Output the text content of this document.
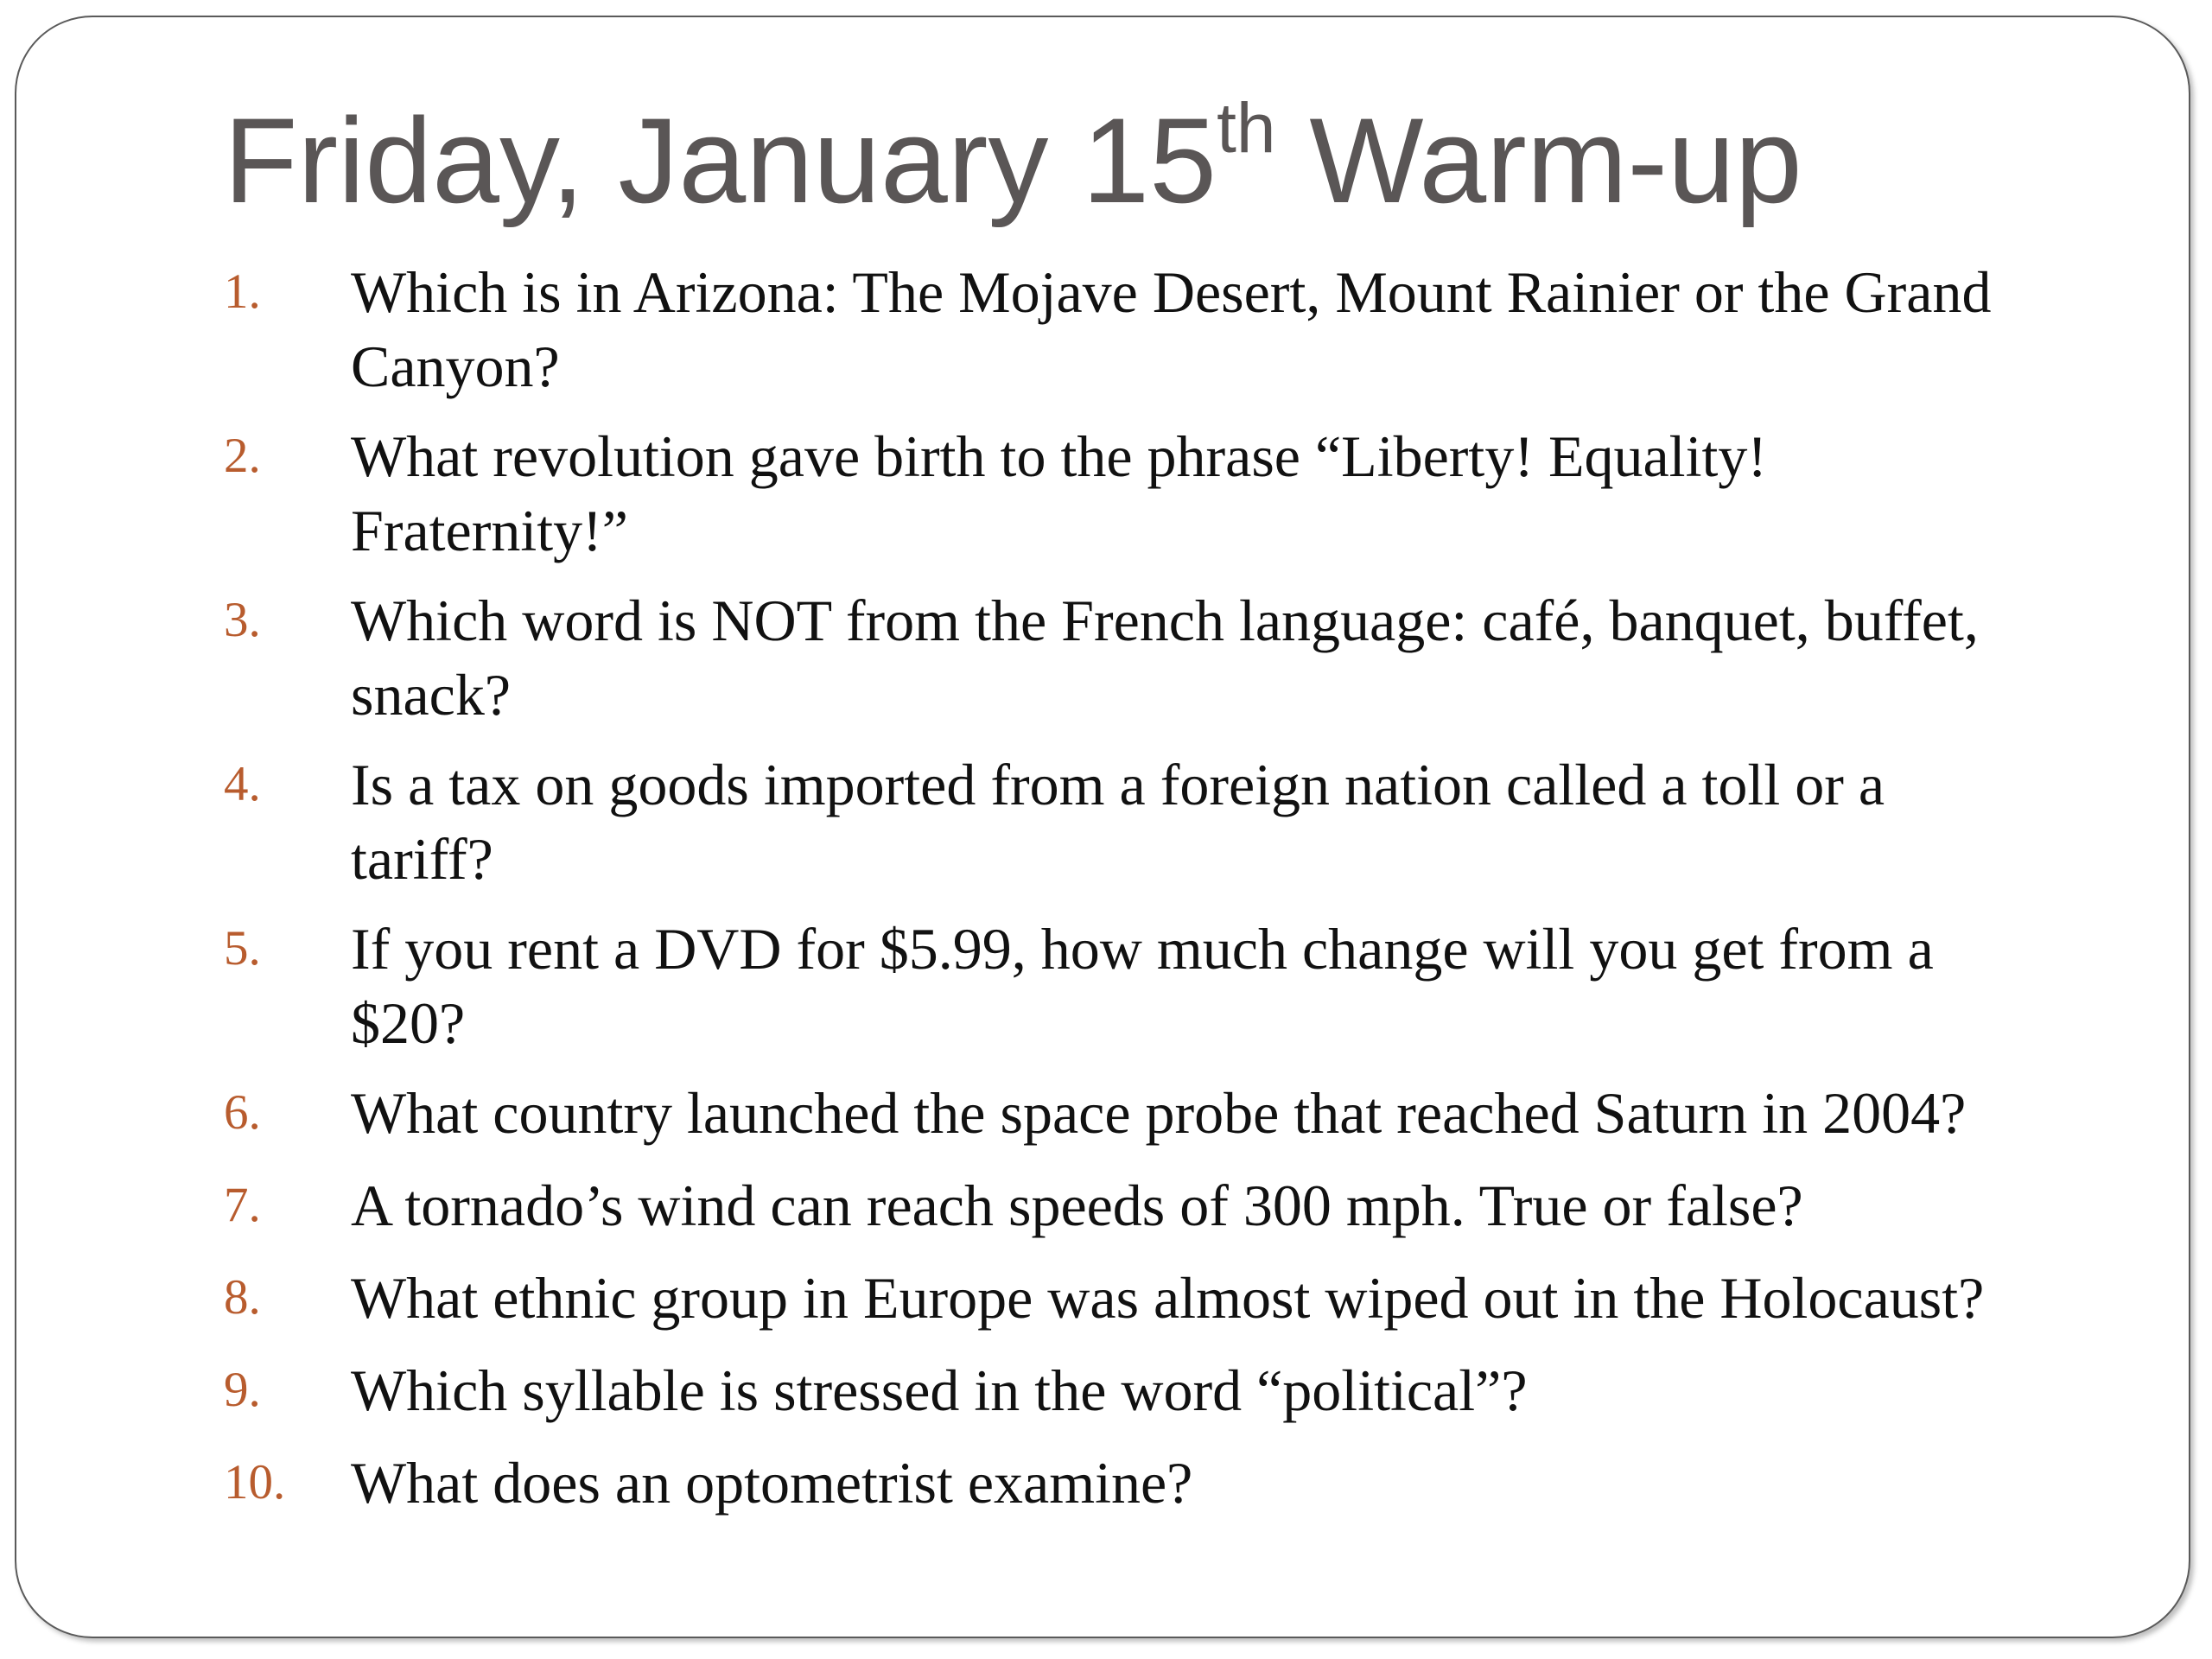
Friday, January 15th Warm-up
1.	Which is in Arizona: The Mojave Desert, Mount Rainier or the Grand
Canyon?
2.	What revolution gave birth to the phrase “Liberty! Equality!
Fraternity!”
3.	Which word is NOT from the French language: café, banquet, buffet,
snack?
4.	Is a tax on goods imported from a foreign nation called a toll or a
tariff?
5.	If you rent a DVD for $5.99, how much change will you get from a
$20?
6.	What country launched the space probe that reached Saturn in 2004?
7.	A tornado’s wind can reach speeds of 300 mph. True or false?
8.	What ethnic group in Europe was almost wiped out in the Holocaust?
9.	Which syllable is stressed in the word “political”?
10.	What does an optometrist examine?
